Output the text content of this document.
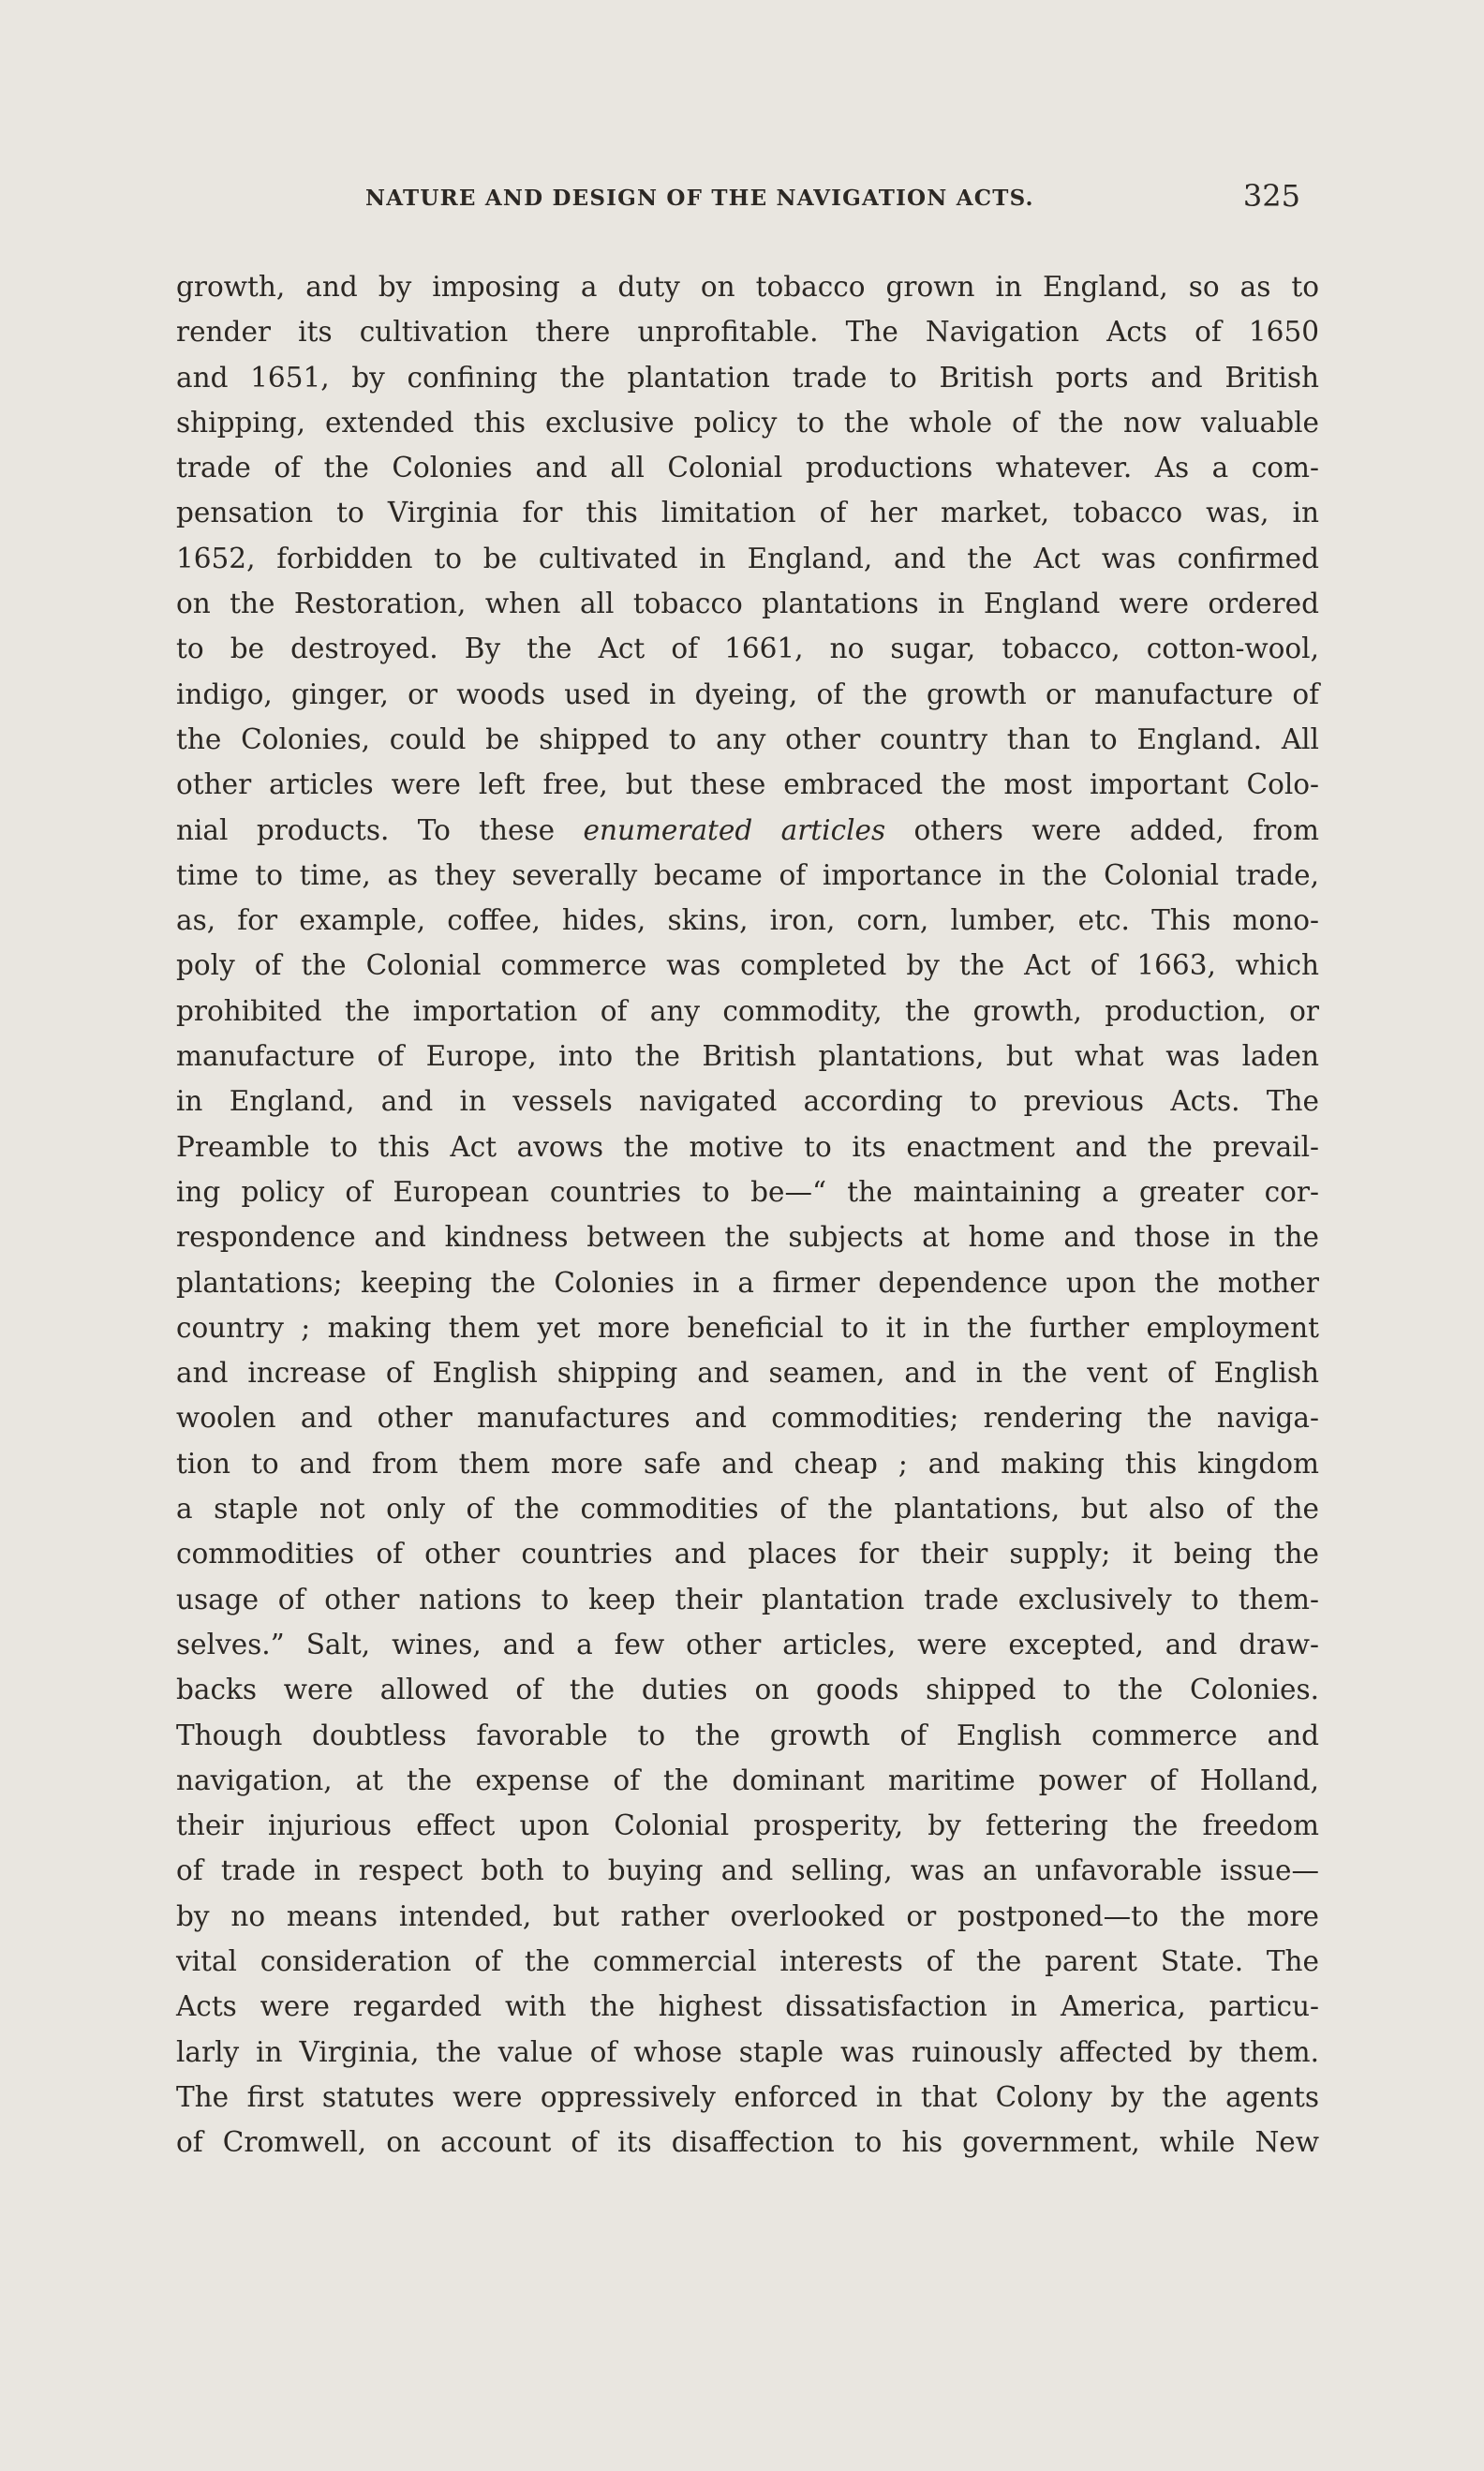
NATURE AND DESIGN OF THE NAVIGATION ACTS.	325
growth, and by imposing a duty on tobacco grown in England, so as to
render its cultivation there unprofitable. The Navigation Acts of 1650
and 1651, by confining the plantation trade to British ports and British
shipping, extended this exclusive policy to the whole of the now valuable
trade of the Colonies and all Colonial productions whatever. As a com-
pensation to Virginia for this limitation of her market, tobacco was, in
1652, forbidden to be cultivated in England, and the Act was confirmed
on the Restoration, when all tobacco plantations in England were ordered
to be destroyed. By the Act of 1661, no sugar, tobacco, cotton-wool,
indigo, ginger, or woods used in dyeing, of the growth or manufacture of
the Colonies, could be shipped to any other country than to England. All
other articles were left free, but these embraced the most important Colo-
nial products. To these enumerated articles others were added, from
time to time, as they severally became of importance in the Colonial trade,
as, for example, coffee, hides, skins, iron, corn, lumber, etc. This mono-
poly of the Colonial commerce was completed by the Act of 1663, which
prohibited the importation of any commodity, the growth, production, or
manufacture of Europe, into the British plantations, but what was laden
in England, and in vessels navigated according to previous Acts. The
Preamble to this Act avows the motive to its enactment and the prevail-
ing policy of European countries to be—“ the maintaining a greater cor-
respondence and kindness between the subjects at home and those in the
plantations; keeping the Colonies in a firmer dependence upon the mother
country ; making them yet more beneficial to it in the further employment
and increase of English shipping and seamen, and in the vent of English
woolen and other manufactures and commodities; rendering the naviga-
tion to and from them more safe and cheap ; and making this kingdom
a staple not only of the commodities of the plantations, but also of the
commodities of other countries and places for their supply; it being the
usage of other nations to keep their plantation trade exclusively to them-
selves.” Salt, wines, and a few other articles, were excepted, and draw-
backs were allowed of the duties on goods shipped to the Colonies.
Though doubtless favorable to the growth of English commerce and
navigation, at the expense of the dominant maritime power of Holland,
their injurious effect upon Colonial prosperity, by fettering the freedom
of trade in respect both to buying and selling, was an unfavorable issue—
by no means intended, but rather overlooked or postponed—to the more
vital consideration of the commercial interests of the parent State. The
Acts were regarded with the highest dissatisfaction in America, particu-
larly in Virginia, the value of whose staple was ruinously affected by them.
The first statutes were oppressively enforced in that Colony by the agents
of Cromwell, on account of its disaffection to his government, while New
